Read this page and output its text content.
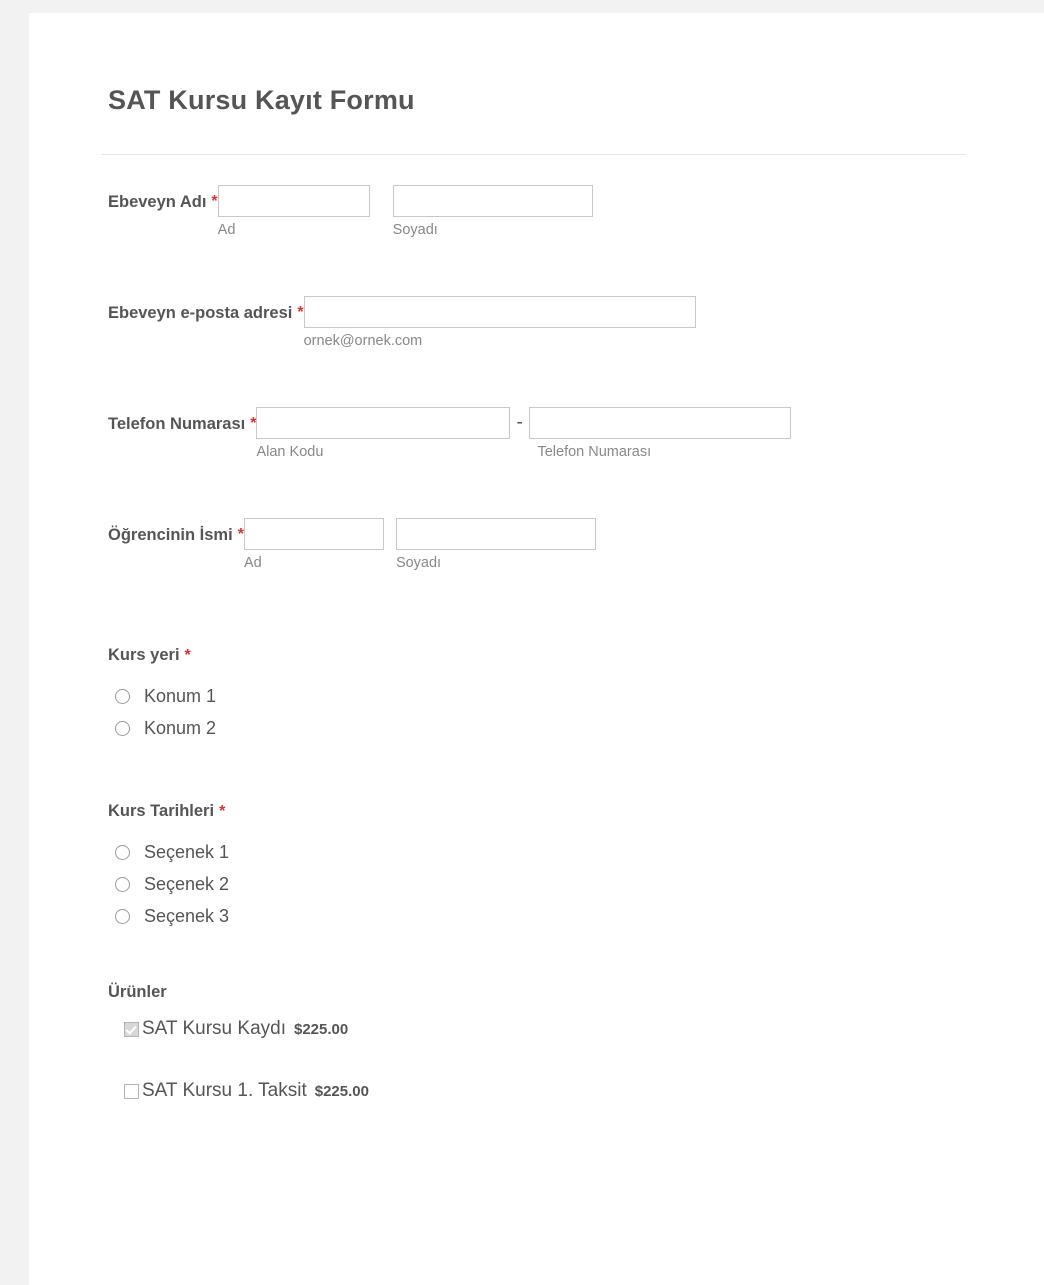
SAT Kursu Kayıt Formu
Ebeveyn Adı *
Ad	Soyadı
Ebeveyn e-posta adresi *
ornek@ornek.com
Telefon Numarası *	-
Alan Kodu	Telefon Numarası
Öğrencinin İsmi *
Ad	Soyadı
Kurs yeri *
Konum 1
Konum 2
Kurs Tarihleri *
Seçenek 1
Seçenek 2
Seçenek 3
Ürünler
SAT Kursu Kaydı $225.00
SAT Kursu 1. Taksit $225.00
